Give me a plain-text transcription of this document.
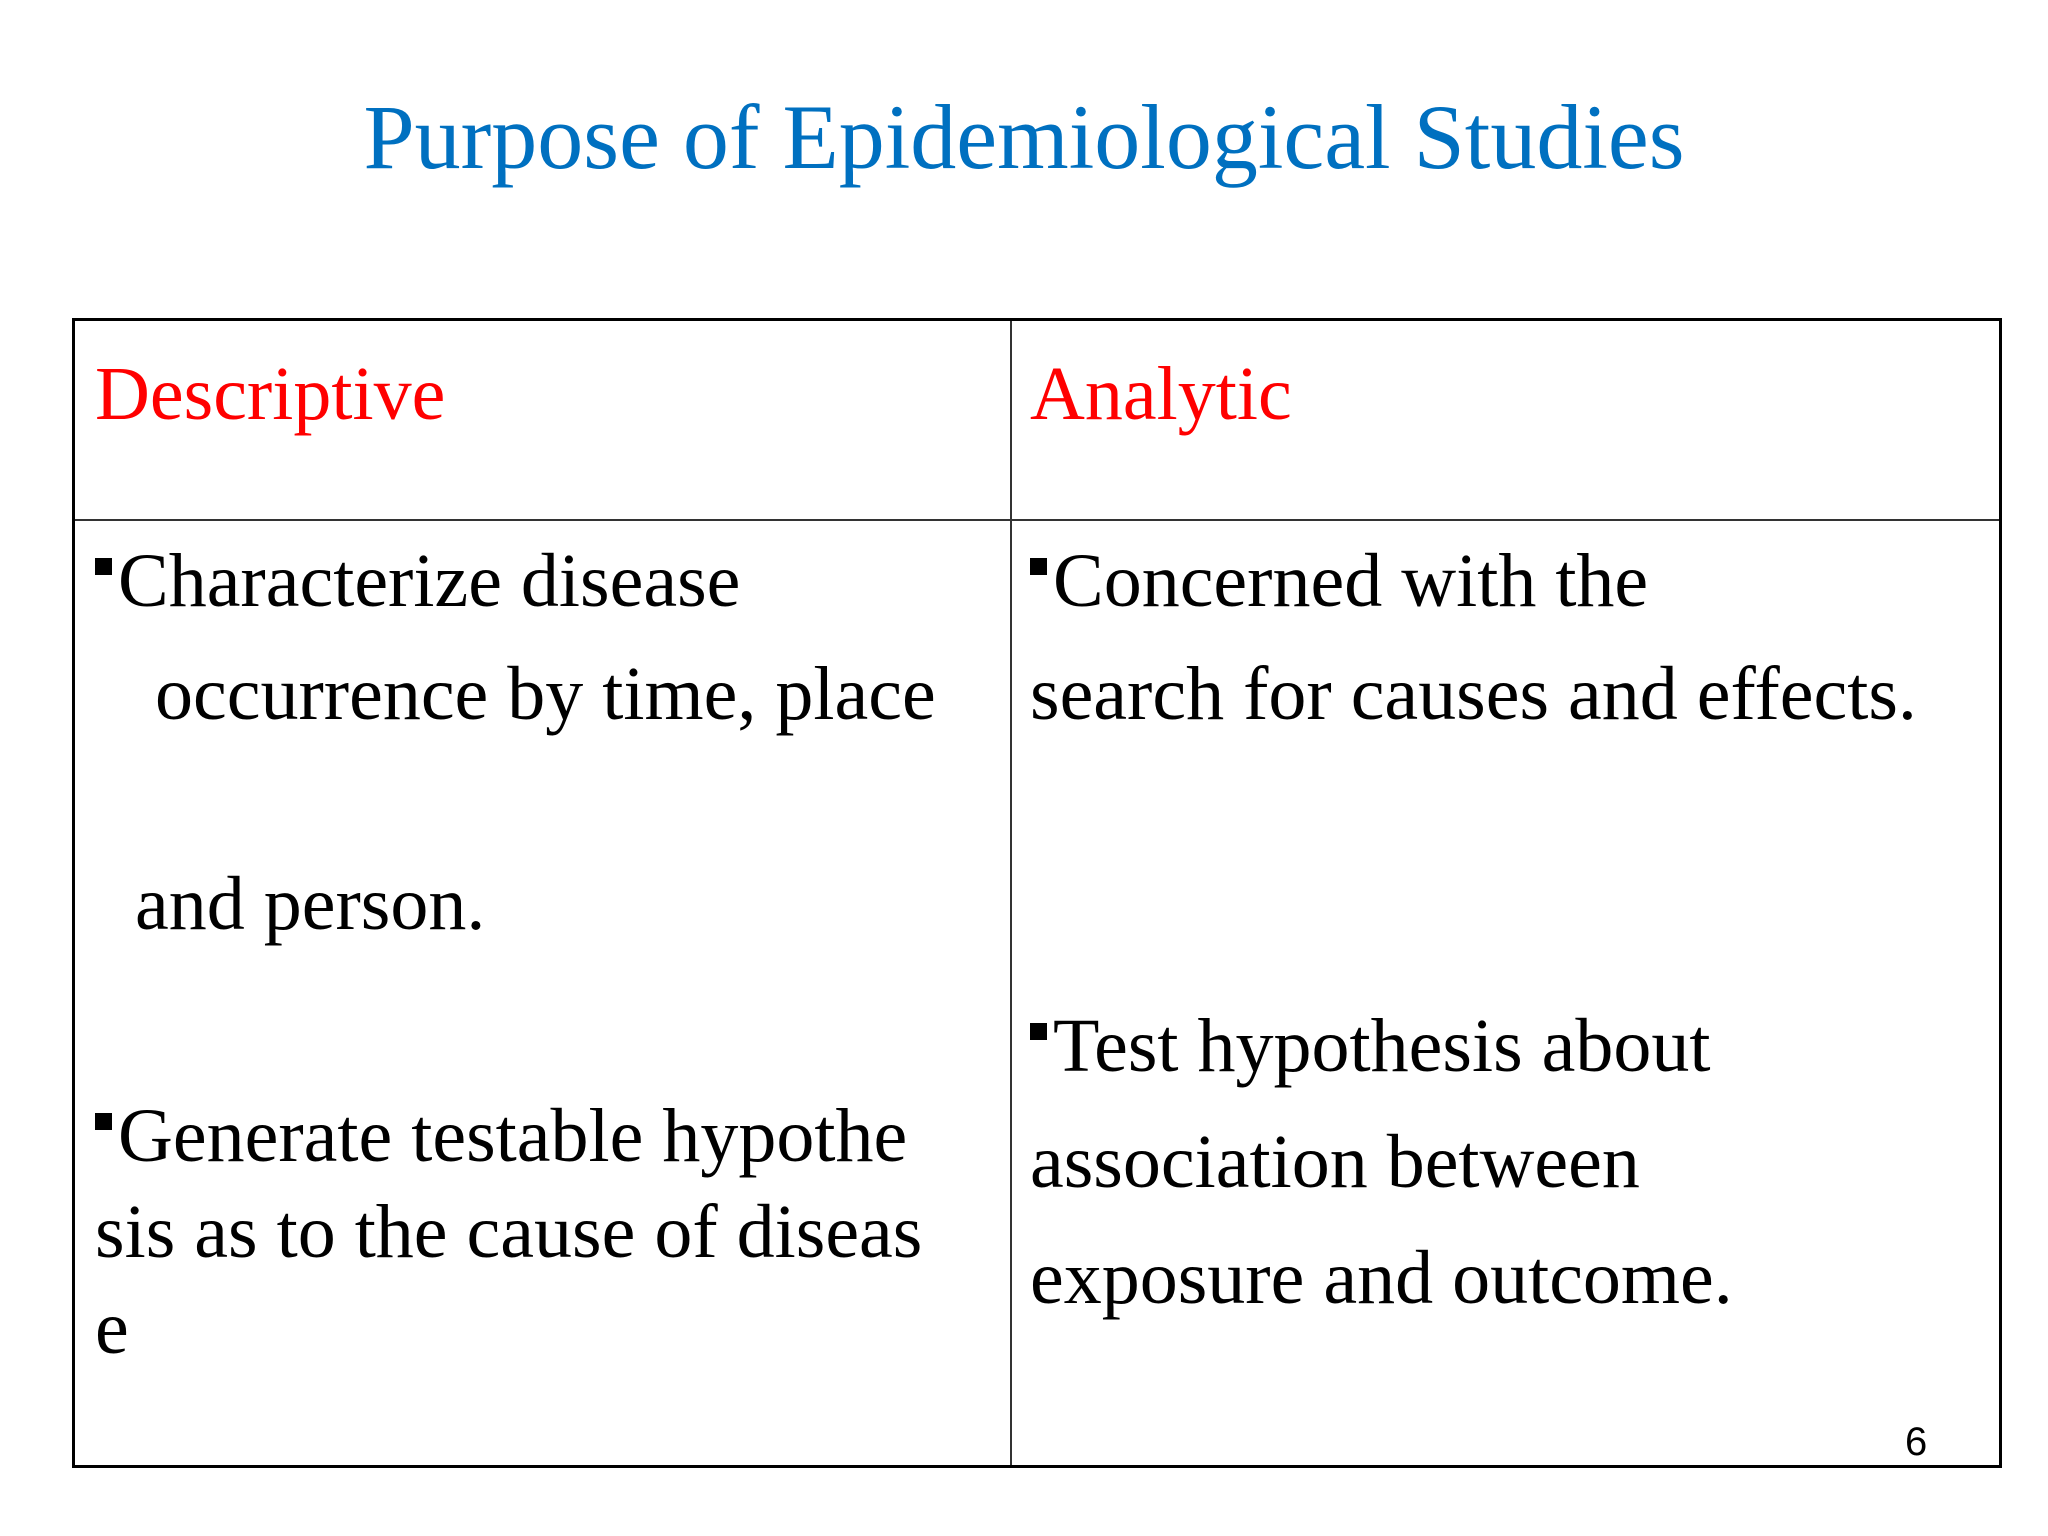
Purpose of Epidemiological Studies
Descriptive	Analytic
Characterize disease
occurrence by time, place
and person.
Generate testable hypothe
sis as to the cause of diseas
e
Concerned with the
search for causes and effects.
Test hypothesis about
association between
exposure and outcome.
6
